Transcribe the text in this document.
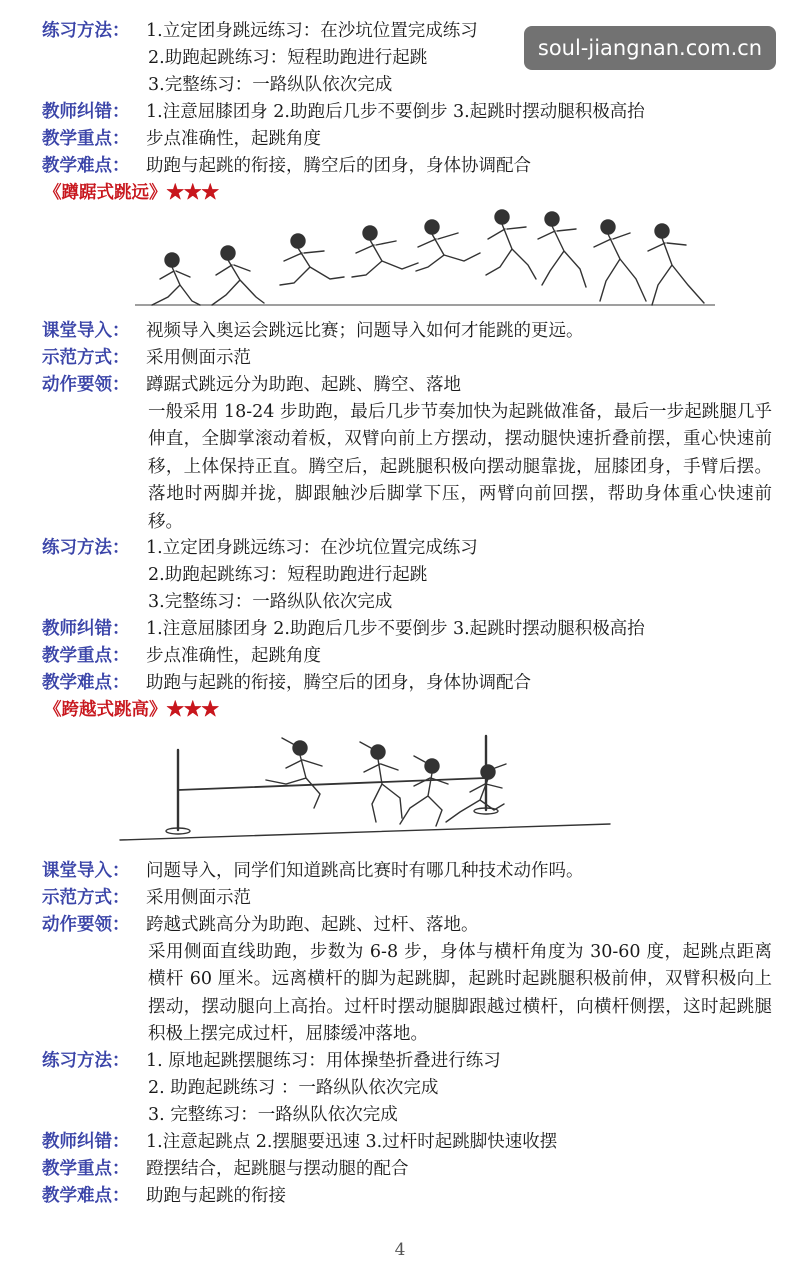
练习方法： 1.立定团身跳远练习：在沙坑位置完成练习
2.助跑起跳练习：短程助跑进行起跳
3.完整练习：一路纵队依次完成
教师纠错： 1.注意屈膝团身 2.助跑后几步不要倒步 3.起跳时摆动腿积极高抬
教学重点： 步点准确性，起跳角度
教学难点： 助跑与起跳的衔接，腾空后的团身，身体协调配合
《蹲踞式跳远》★★★
课堂导入： 视频导入奥运会跳远比赛；问题导入如何才能跳的更远。
示范方式： 采用侧面示范
动作要领： 蹲踞式跳远分为助跑、起跳、腾空、落地
一般采用 18-24 步助跑，最后几步节奏加快为起跳做准备，最后一步起跳腿几乎伸直，全脚掌滚动着板，双臂向前上方摆动，摆动腿快速折叠前摆，重心快速前移，上体保持正直。腾空后，起跳腿积极向摆动腿靠拢，屈膝团身，手臂后摆。落地时两脚并拢，脚跟触沙后脚掌下压，两臂向前回摆，帮助身体重心快速前移。
练习方法： 1.立定团身跳远练习：在沙坑位置完成练习
2.助跑起跳练习：短程助跑进行起跳
3.完整练习：一路纵队依次完成
教师纠错： 1.注意屈膝团身 2.助跑后几步不要倒步 3.起跳时摆动腿积极高抬
教学重点： 步点准确性，起跳角度
教学难点： 助跑与起跳的衔接，腾空后的团身，身体协调配合
《跨越式跳高》★★★
课堂导入： 问题导入，同学们知道跳高比赛时有哪几种技术动作吗。
示范方式： 采用侧面示范
动作要领： 跨越式跳高分为助跑、起跳、过杆、落地。
采用侧面直线助跑，步数为 6-8 步，身体与横杆角度为 30-60 度，起跳点距离横杆 60 厘米。远离横杆的脚为起跳脚，起跳时起跳腿积极前伸，双臂积极向上摆动，摆动腿向上高抬。过杆时摆动腿脚跟越过横杆，向横杆侧摆，这时起跳腿积极上摆完成过杆，屈膝缓冲落地。
练习方法： 1. 原地起跳摆腿练习：用体操垫折叠进行练习
2. 助跑起跳练习 ：一路纵队依次完成
3. 完整练习：一路纵队依次完成
教师纠错： 1.注意起跳点 2.摆腿要迅速 3.过杆时起跳脚快速收摆
教学重点： 蹬摆结合，起跳腿与摆动腿的配合
教学难点： 助跑与起跳的衔接
4
soul-jiangnan.com.cn
